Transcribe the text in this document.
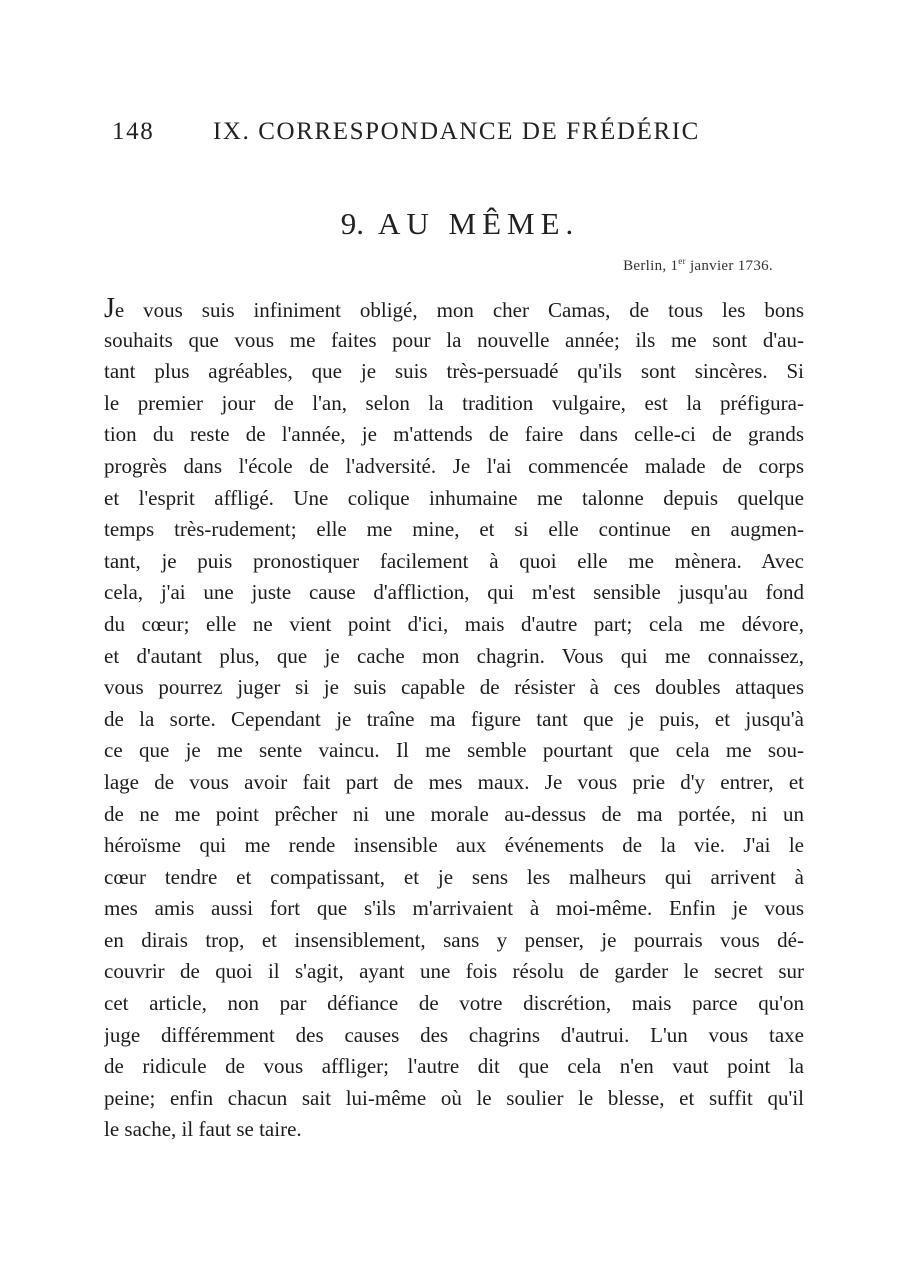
148 IX. CORRESPONDANCE DE FRÉDÉRIC
9. AU MÊME.
Berlin, 1er janvier 1736.
Je vous suis infiniment obligé, mon cher Camas, de tous les bons
souhaits que vous me faites pour la nouvelle année; ils me sont d'au-
tant plus agréables, que je suis très-persuadé qu'ils sont sincères. Si
le premier jour de l'an, selon la tradition vulgaire, est la préfigura-
tion du reste de l'année, je m'attends de faire dans celle-ci de grands
progrès dans l'école de l'adversité. Je l'ai commencée malade de corps
et l'esprit affligé. Une colique inhumaine me talonne depuis quelque
temps très-rudement; elle me mine, et si elle continue en augmen-
tant, je puis pronostiquer facilement à quoi elle me mènera. Avec
cela, j'ai une juste cause d'affliction, qui m'est sensible jusqu'au fond
du cœur; elle ne vient point d'ici, mais d'autre part; cela me dévore,
et d'autant plus, que je cache mon chagrin. Vous qui me connaissez,
vous pourrez juger si je suis capable de résister à ces doubles attaques
de la sorte. Cependant je traîne ma figure tant que je puis, et jusqu'à
ce que je me sente vaincu. Il me semble pourtant que cela me sou-
lage de vous avoir fait part de mes maux. Je vous prie d'y entrer, et
de ne me point prêcher ni une morale au-dessus de ma portée, ni un
héroïsme qui me rende insensible aux événements de la vie. J'ai le
cœur tendre et compatissant, et je sens les malheurs qui arrivent à
mes amis aussi fort que s'ils m'arrivaient à moi-même. Enfin je vous
en dirais trop, et insensiblement, sans y penser, je pourrais vous dé-
couvrir de quoi il s'agit, ayant une fois résolu de garder le secret sur
cet article, non par défiance de votre discrétion, mais parce qu'on
juge différemment des causes des chagrins d'autrui. L'un vous taxe
de ridicule de vous affliger; l'autre dit que cela n'en vaut point la
peine; enfin chacun sait lui-même où le soulier le blesse, et suffit qu'il
le sache, il faut se taire.
